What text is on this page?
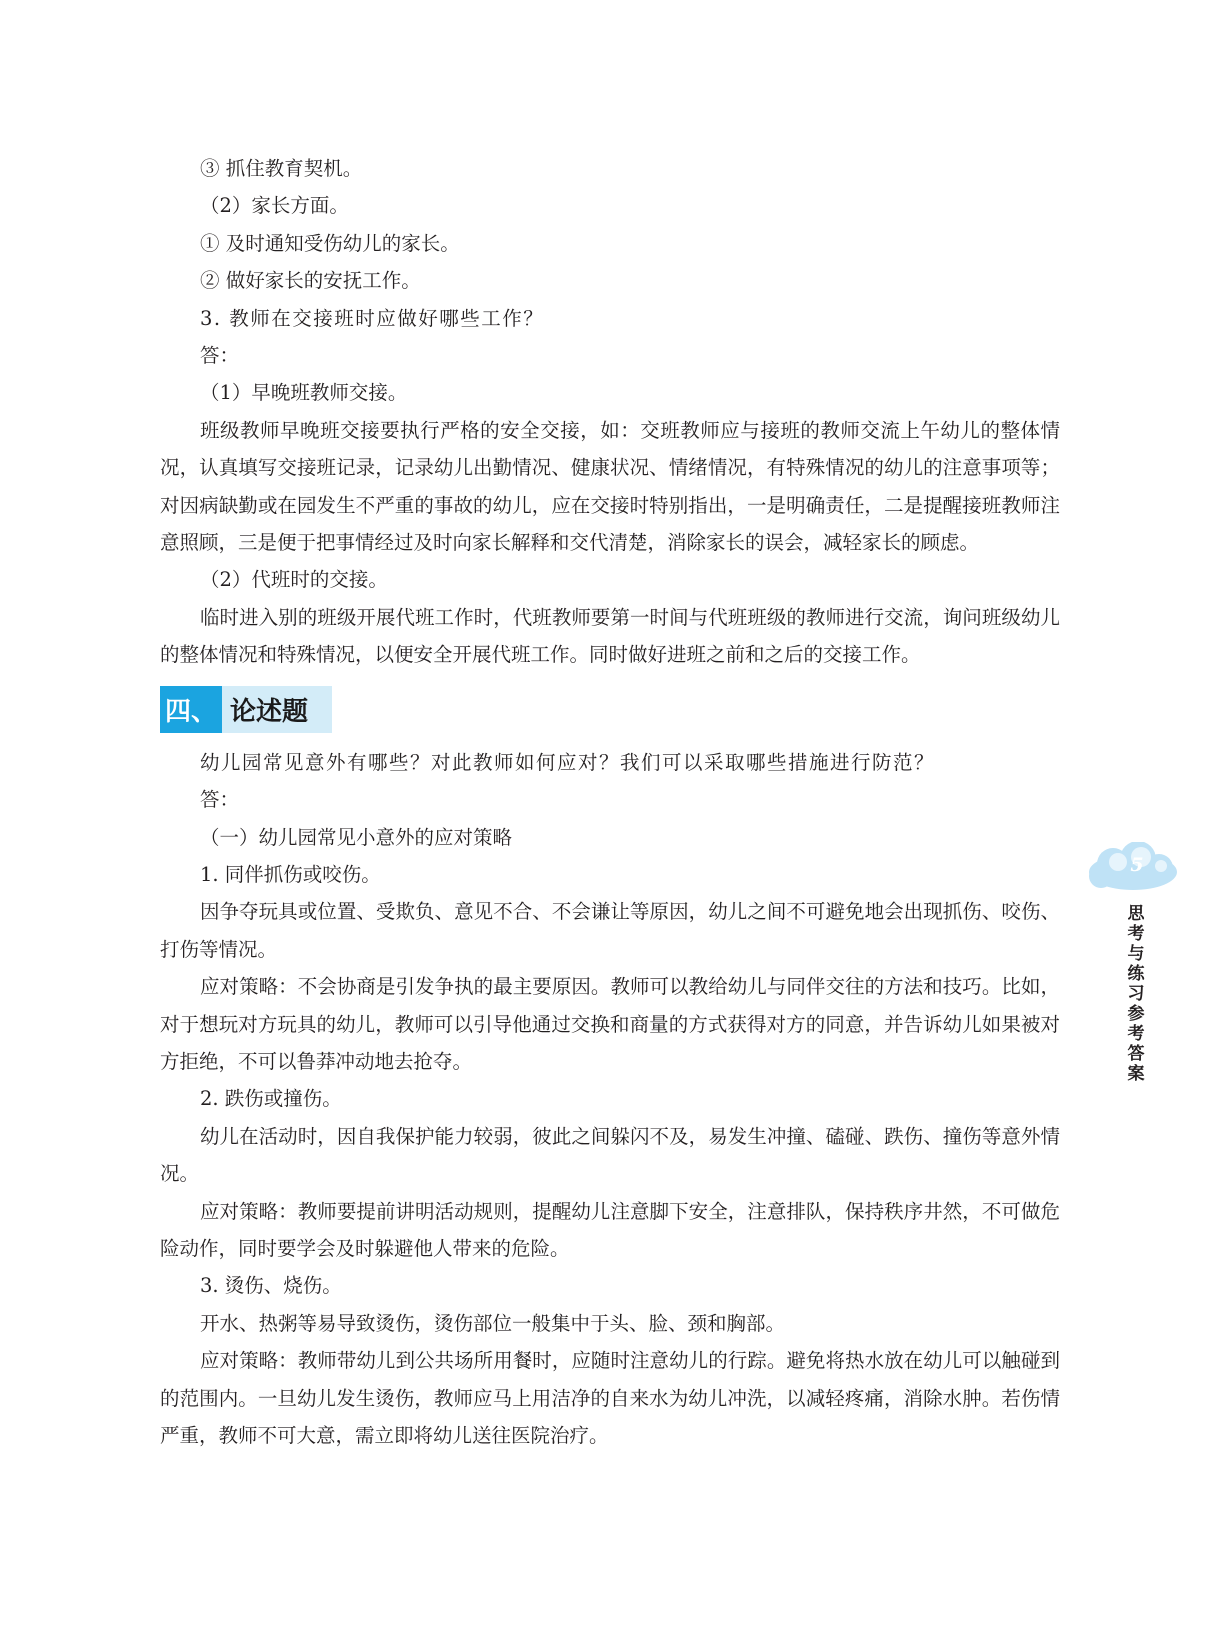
③ 抓住教育契机。

（2）家长方面。

① 及时通知受伤幼儿的家长。

② 做好家长的安抚工作。

3. 教师在交接班时应做好哪些工作？

答：

（1）早晚班教师交接。

班级教师早晚班交接要执行严格的安全交接，如：交班教师应与接班的教师交流上午幼儿的整体情况，认真填写交接班记录，记录幼儿出勤情况、健康状况、情绪情况，有特殊情况的幼儿的注意事项等；对因病缺勤或在园发生不严重的事故的幼儿，应在交接时特别指出，一是明确责任，二是提醒接班教师注意照顾，三是便于把事情经过及时向家长解释和交代清楚，消除家长的误会，减轻家长的顾虑。

（2）代班时的交接。

临时进入别的班级开展代班工作时，代班教师要第一时间与代班班级的教师进行交流，询问班级幼儿的整体情况和特殊情况，以便安全开展代班工作。同时做好进班之前和之后的交接工作。

四、 论述题

幼儿园常见意外有哪些？对此教师如何应对？我们可以采取哪些措施进行防范？

答：

（一）幼儿园常见小意外的应对策略

1. 同伴抓伤或咬伤。

因争夺玩具或位置、受欺负、意见不合、不会谦让等原因，幼儿之间不可避免地会出现抓伤、咬伤、打伤等情况。

应对策略：不会协商是引发争执的最主要原因。教师可以教给幼儿与同伴交往的方法和技巧。比如，对于想玩对方玩具的幼儿，教师可以引导他通过交换和商量的方式获得对方的同意，并告诉幼儿如果被对方拒绝，不可以鲁莽冲动地去抢夺。

2. 跌伤或撞伤。

幼儿在活动时，因自我保护能力较弱，彼此之间躲闪不及，易发生冲撞、磕碰、跌伤、撞伤等意外情况。

应对策略：教师要提前讲明活动规则，提醒幼儿注意脚下安全，注意排队，保持秩序井然，不可做危险动作，同时要学会及时躲避他人带来的危险。

3. 烫伤、烧伤。

开水、热粥等易导致烫伤，烫伤部位一般集中于头、脸、颈和胸部。

应对策略：教师带幼儿到公共场所用餐时，应随时注意幼儿的行踪。避免将热水放在幼儿可以触碰到的范围内。一旦幼儿发生烫伤，教师应马上用洁净的自来水为幼儿冲洗，以减轻疼痛，消除水肿。若伤情严重，教师不可大意，需立即将幼儿送往医院治疗。

5
思考与练习参考答案
